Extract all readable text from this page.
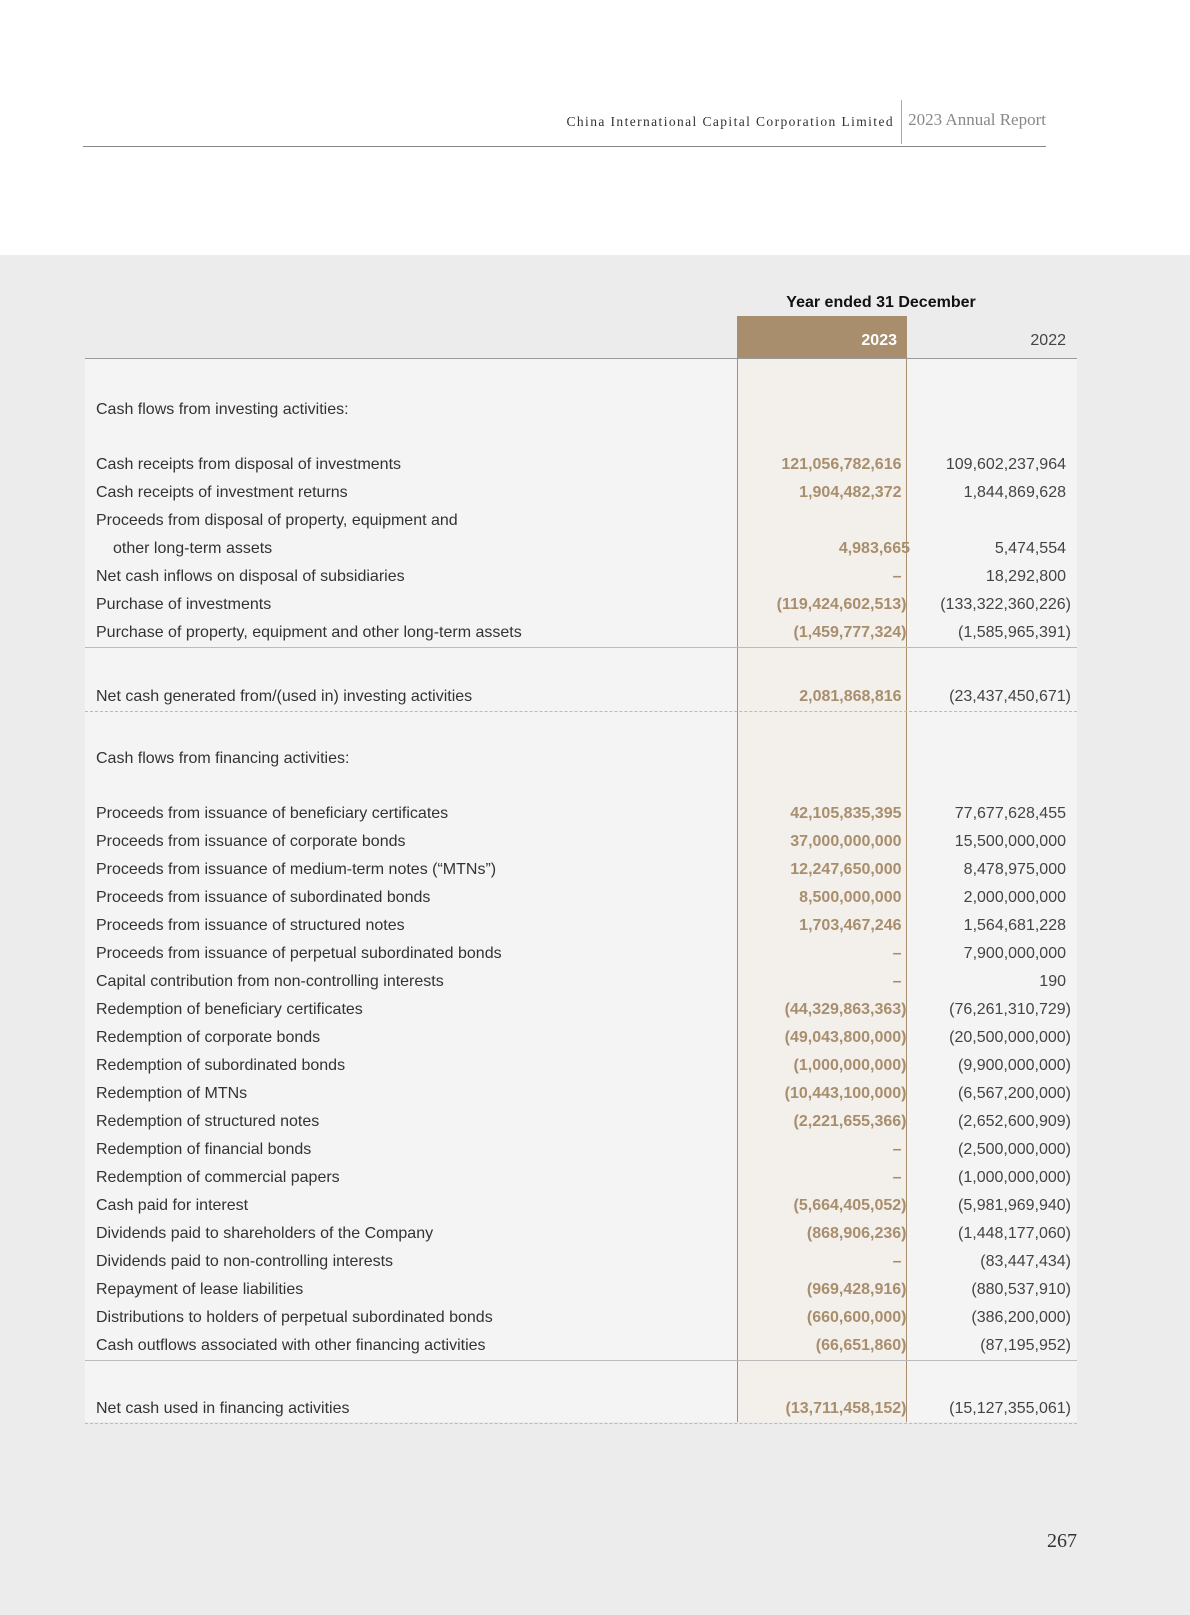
China International Capital Corporation Limited 2023 Annual Report
Year ended 31 December
2023	2022
Cash flows from investing activities:
Cash receipts from disposal of investments	121,056,782,616	109,602,237,964
Cash receipts of investment returns	1,904,482,372	1,844,869,628
Proceeds from disposal of property, equipment and
other long-term assets	4,983,665	5,474,554
Net cash inflows on disposal of subsidiaries	–	18,292,800
Purchase of investments	(119,424,602,513)	(133,322,360,226)
Purchase of property, equipment and other long-term assets	(1,459,777,324)	(1,585,965,391)
Net cash generated from/(used in) investing activities	2,081,868,816	(23,437,450,671)
Cash flows from financing activities:
Proceeds from issuance of beneficiary certificates	42,105,835,395	77,677,628,455
Proceeds from issuance of corporate bonds	37,000,000,000	15,500,000,000
Proceeds from issuance of medium-term notes (“MTNs”)	12,247,650,000	8,478,975,000
Proceeds from issuance of subordinated bonds	8,500,000,000	2,000,000,000
Proceeds from issuance of structured notes	1,703,467,246	1,564,681,228
Proceeds from issuance of perpetual subordinated bonds	–	7,900,000,000
Capital contribution from non-controlling interests	–	190
Redemption of beneficiary certificates	(44,329,863,363)	(76,261,310,729)
Redemption of corporate bonds	(49,043,800,000)	(20,500,000,000)
Redemption of subordinated bonds	(1,000,000,000)	(9,900,000,000)
Redemption of MTNs	(10,443,100,000)	(6,567,200,000)
Redemption of structured notes	(2,221,655,366)	(2,652,600,909)
Redemption of financial bonds	–	(2,500,000,000)
Redemption of commercial papers	–	(1,000,000,000)
Cash paid for interest	(5,664,405,052)	(5,981,969,940)
Dividends paid to shareholders of the Company	(868,906,236)	(1,448,177,060)
Dividends paid to non-controlling interests	–	(83,447,434)
Repayment of lease liabilities	(969,428,916)	(880,537,910)
Distributions to holders of perpetual subordinated bonds	(660,600,000)	(386,200,000)
Cash outflows associated with other financing activities	(66,651,860)	(87,195,952)
Net cash used in financing activities	(13,711,458,152)	(15,127,355,061)
267
